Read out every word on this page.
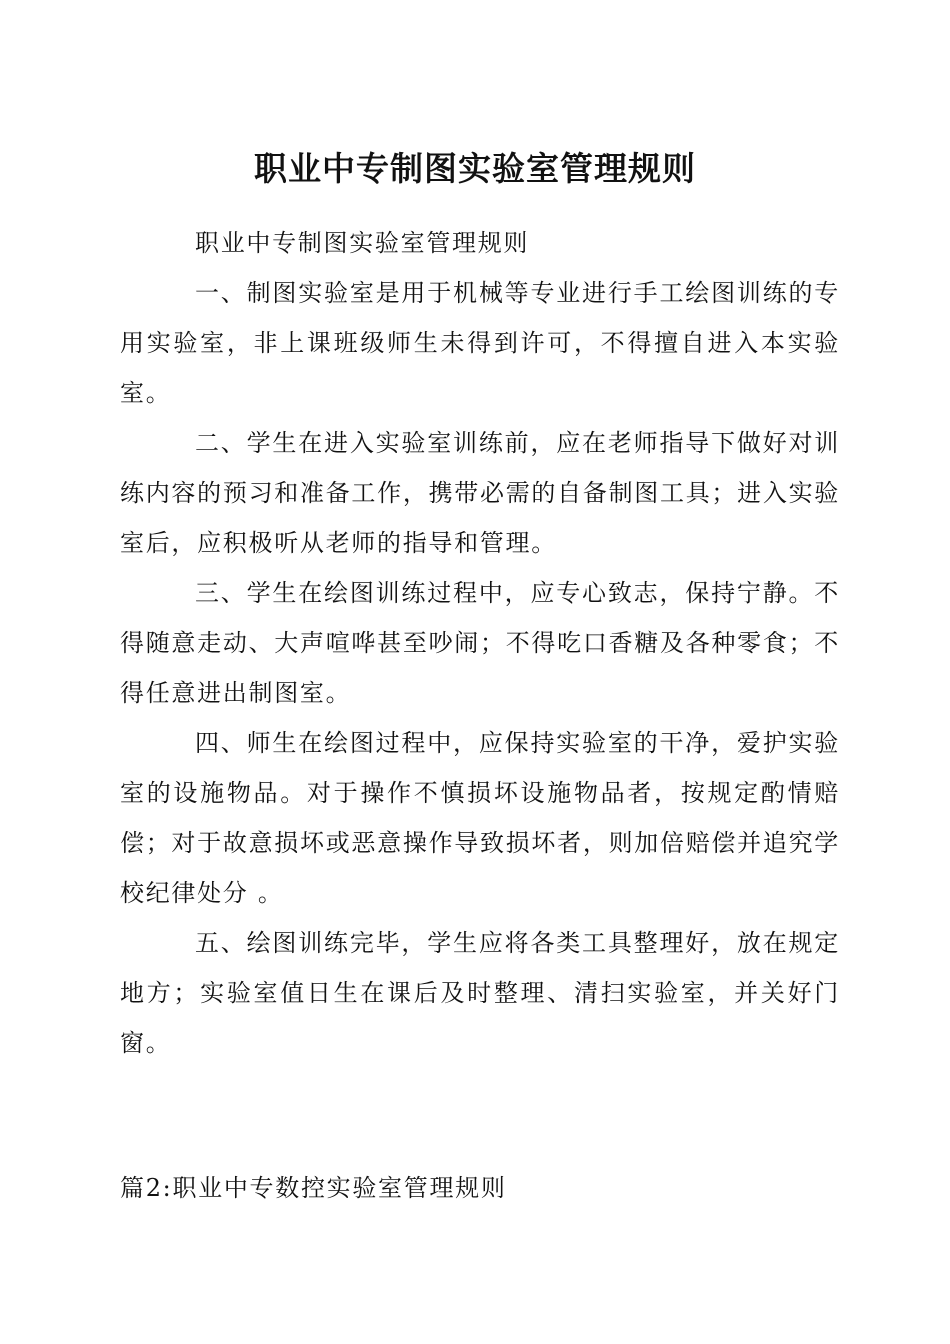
职业中专制图实验室管理规则

职业中专制图实验室管理规则

一、制图实验室是用于机械等专业进行手工绘图训练的专用实验室，非上课班级师生未得到许可，不得擅自进入本实验室。

二、学生在进入实验室训练前，应在老师指导下做好对训练内容的预习和准备工作，携带必需的自备制图工具；进入实验室后，应积极听从老师的指导和管理。

三、学生在绘图训练过程中，应专心致志，保持宁静。不得随意走动、大声喧哗甚至吵闹；不得吃口香糖及各种零食；不得任意进出制图室。

四、师生在绘图过程中，应保持实验室的干净，爱护实验室的设施物品。对于操作不慎损坏设施物品者，按规定酌情赔偿；对于故意损坏或恶意操作导致损坏者，则加倍赔偿并追究学校纪律处分 。

五、绘图训练完毕，学生应将各类工具整理好，放在规定地方；实验室值日生在课后及时整理、清扫实验室，并关好门窗。

篇2:职业中专数控实验室管理规则
